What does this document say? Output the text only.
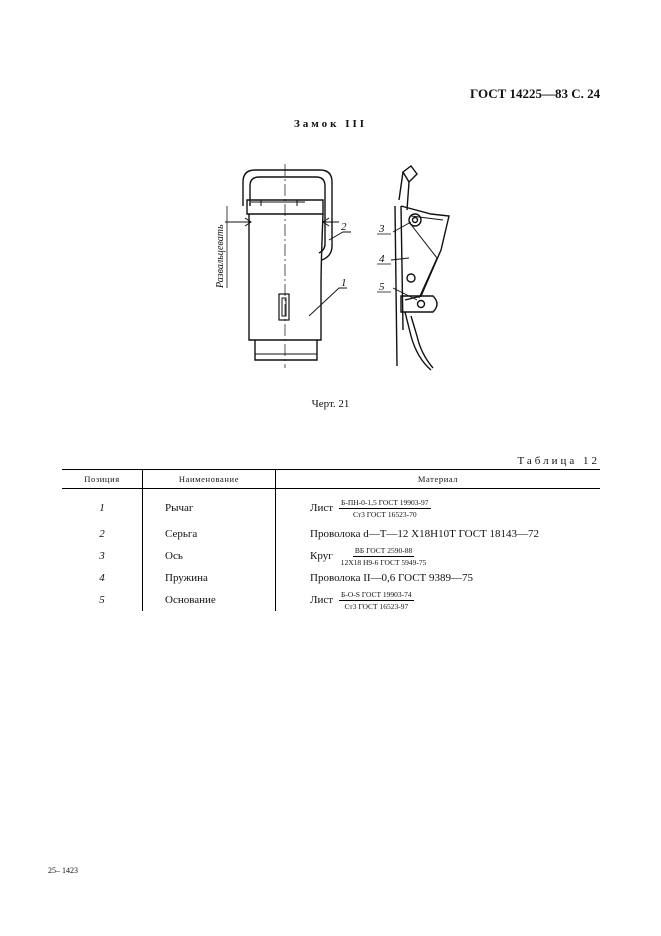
ГОСТ 14225—83 С. 24
Замок III
1
2	3
4
5
Развальцевать
Черт. 21
Таблица 12
Позиция	Наименование	Материал
1	Рычаг	Лист $\frac{\text{Б-ПН-0-1,5 ГОСТ 19903-97}}{\text{Ст3 ГОСТ 16523-70}}$

2	Серьга	Проволока d—Т—12 Х18Н10Т ГОСТ 18143—72
3	Ось	Круг $\frac{\text{ВБ ГОСТ 2590-88}}{\text{12Х18 Н9-6 ГОСТ 5949-75}}$

4	Пружина	Проволока II—0,6 ГОСТ 9389—75
5	Основание	Лист $\frac{\text{Б-О-S ГОСТ 19903-74}}{\text{Ст3 ГОСТ 16523-97}}$
25– 1423
